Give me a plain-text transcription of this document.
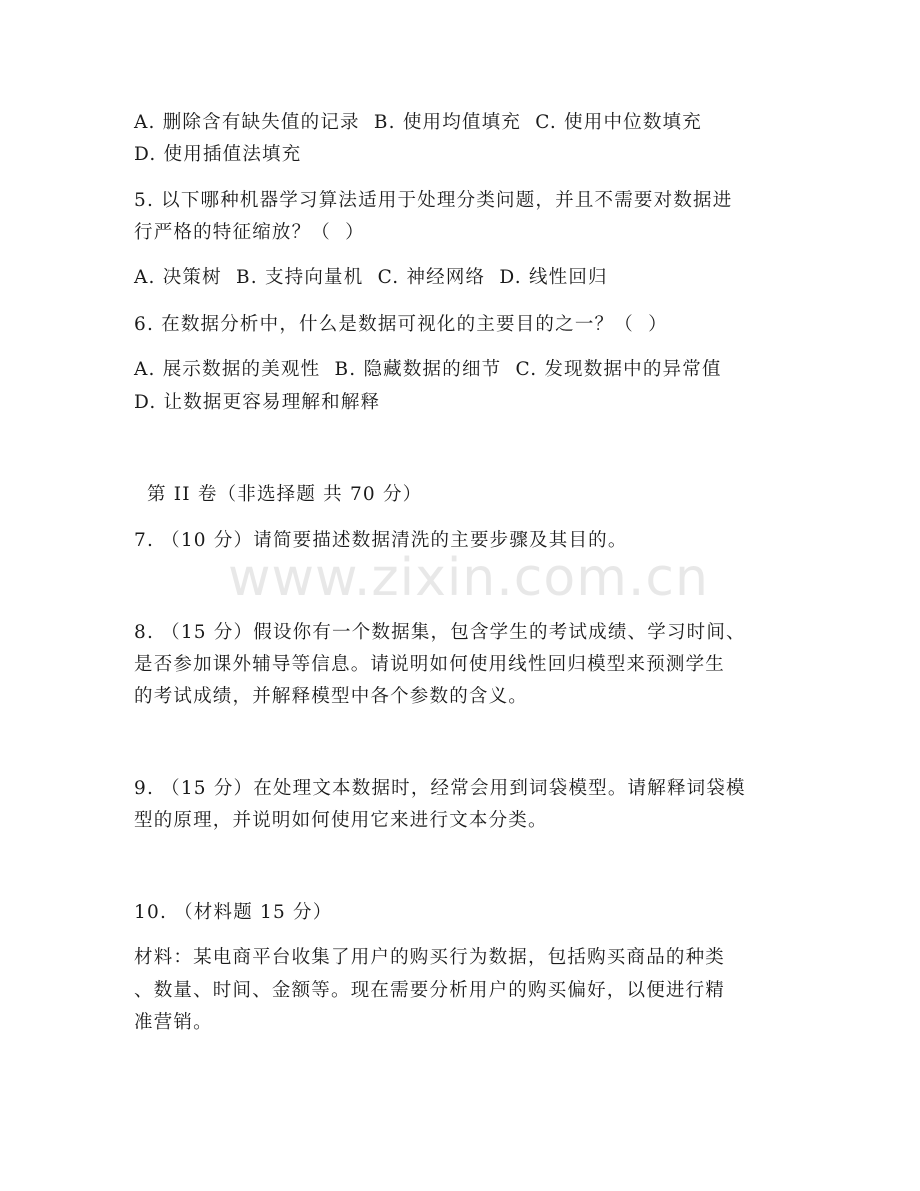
A. 删除含有缺失值的记录  B. 使用均值填充  C. 使用中位数填充
D. 使用插值法填充
5. 以下哪种机器学习算法适用于处理分类问题，并且不需要对数据进
行严格的特征缩放？（  ）
A. 决策树  B. 支持向量机  C. 神经网络  D. 线性回归
6. 在数据分析中，什么是数据可视化的主要目的之一？（  ）
A. 展示数据的美观性  B. 隐藏数据的细节  C. 发现数据中的异常值
D. 让数据更容易理解和解释
第 II 卷（非选择题 共 70 分）
7. （10 分）请简要描述数据清洗的主要步骤及其目的。
www.zixin.com.cn
8. （15 分）假设你有一个数据集，包含学生的考试成绩、学习时间、
是否参加课外辅导等信息。请说明如何使用线性回归模型来预测学生
的考试成绩，并解释模型中各个参数的含义。
9. （15 分）在处理文本数据时，经常会用到词袋模型。请解释词袋模
型的原理，并说明如何使用它来进行文本分类。
10. （材料题 15 分）
材料：某电商平台收集了用户的购买行为数据，包括购买商品的种类
、数量、时间、金额等。现在需要分析用户的购买偏好，以便进行精
准营销。
